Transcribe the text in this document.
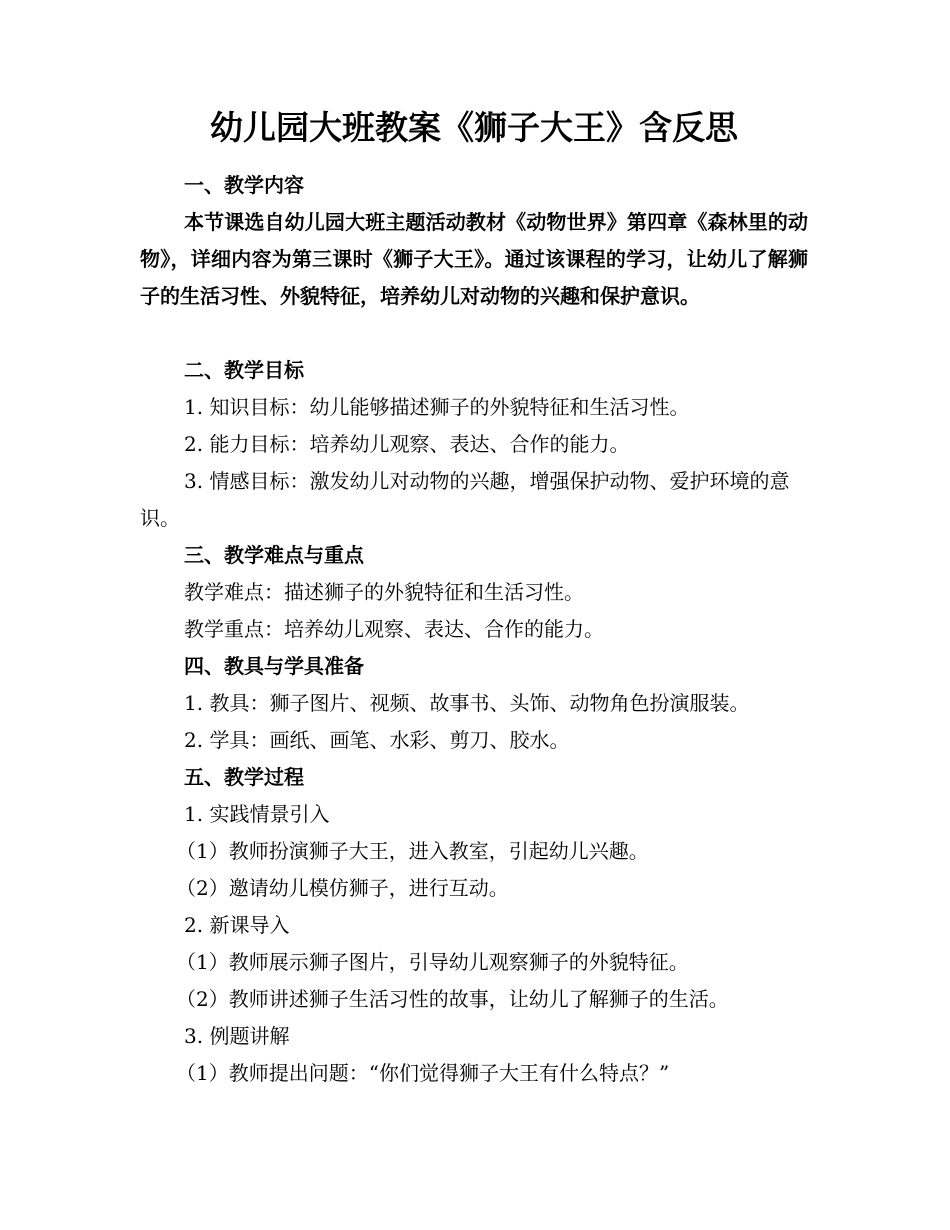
幼儿园大班教案《狮子大王》含反思
一、教学内容
本节课选自幼儿园大班主题活动教材《动物世界》第四章《森林里的动物》，详细内容为第三课时《狮子大王》。通过该课程的学习，让幼儿了解狮子的生活习性、外貌特征，培养幼儿对动物的兴趣和保护意识。
二、教学目标
1. 知识目标：幼儿能够描述狮子的外貌特征和生活习性。
2. 能力目标：培养幼儿观察、表达、合作的能力。
3. 情感目标：激发幼儿对动物的兴趣，增强保护动物、爱护环境的意识。
三、教学难点与重点
教学难点：描述狮子的外貌特征和生活习性。
教学重点：培养幼儿观察、表达、合作的能力。
四、教具与学具准备
1. 教具：狮子图片、视频、故事书、头饰、动物角色扮演服装。
2. 学具：画纸、画笔、水彩、剪刀、胶水。
五、教学过程
1. 实践情景引入
（1）教师扮演狮子大王，进入教室，引起幼儿兴趣。
（2）邀请幼儿模仿狮子，进行互动。
2. 新课导入
（1）教师展示狮子图片，引导幼儿观察狮子的外貌特征。
（2）教师讲述狮子生活习性的故事，让幼儿了解狮子的生活。
3. 例题讲解
（1）教师提出问题：“你们觉得狮子大王有什么特点？”
